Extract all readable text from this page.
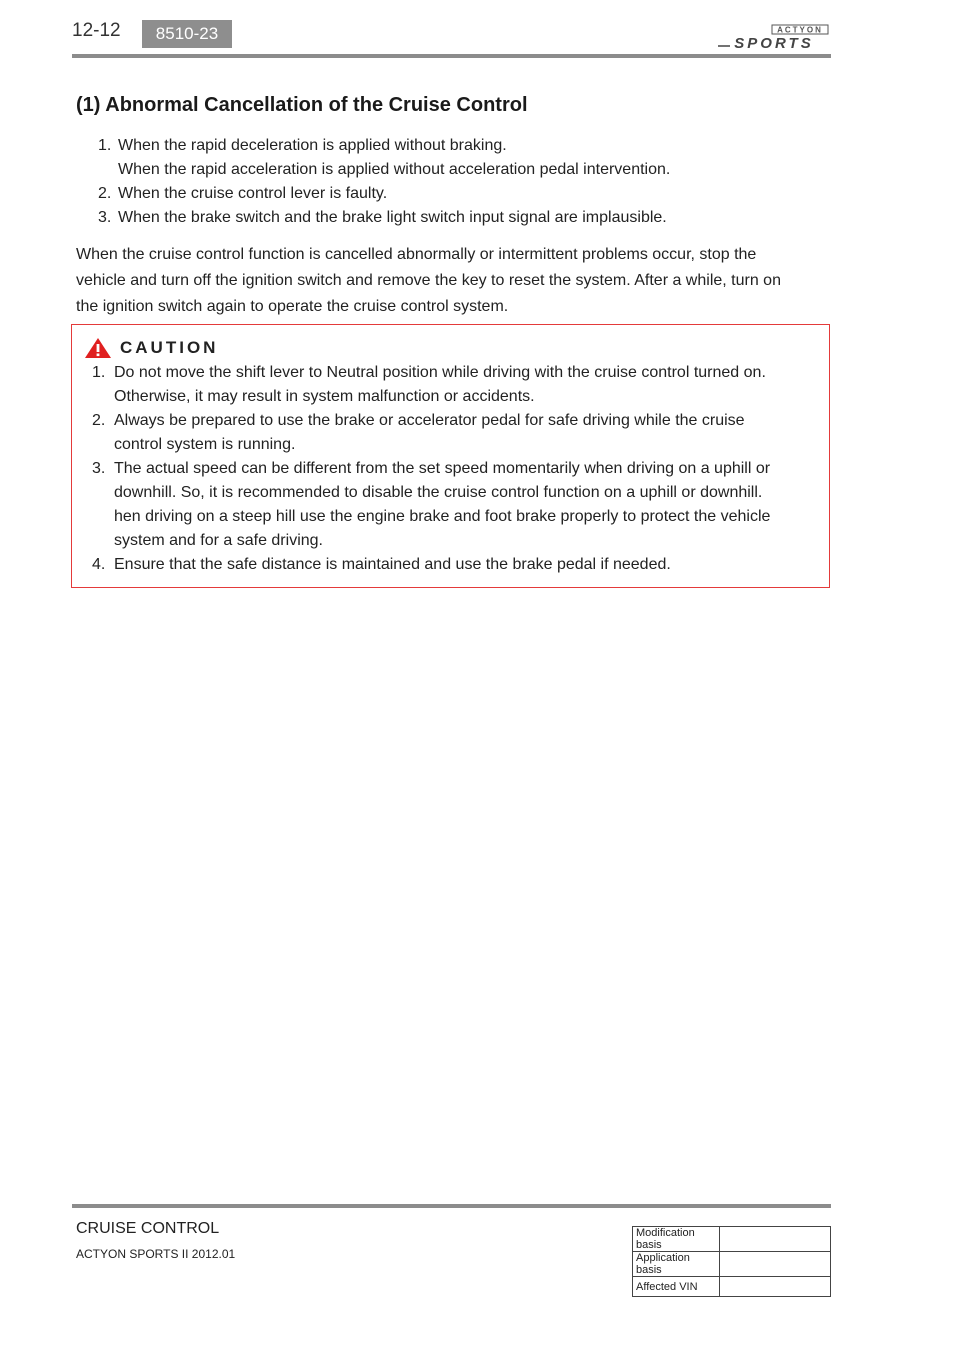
12-12	8510-23	ACTYON
SPORTS
(1) Abnormal Cancellation of the Cruise Control
1. When the rapid deceleration is applied without braking.
When the rapid acceleration is applied without acceleration pedal intervention.
2. When the cruise control lever is faulty.
3. When the brake switch and the brake light switch input signal are implausible.

When the cruise control function is cancelled abnormally or intermittent problems occur, stop the vehicle and turn off the ignition switch and remove the key to reset the system. After a while, turn on the ignition switch again to operate the cruise control system.

CAUTION
1. Do not move the shift lever to Neutral position while driving with the cruise control turned on. Otherwise, it may result in system malfunction or accidents.
2. Always be prepared to use the brake or accelerator pedal for safe driving while the cruise control system is running.
3. The actual speed can be different from the set speed momentarily when driving on a uphill or downhill. So, it is recommended to disable the cruise control function on a uphill or downhill. hen driving on a steep hill use the engine brake and foot brake properly to protect the vehicle system and for a safe driving.
4. Ensure that the safe distance is maintained and use the brake pedal if needed.
CRUISE CONTROL
ACTYON SPORTS II 2012.01
Modification basis	
Application basis	
Affected VIN	
